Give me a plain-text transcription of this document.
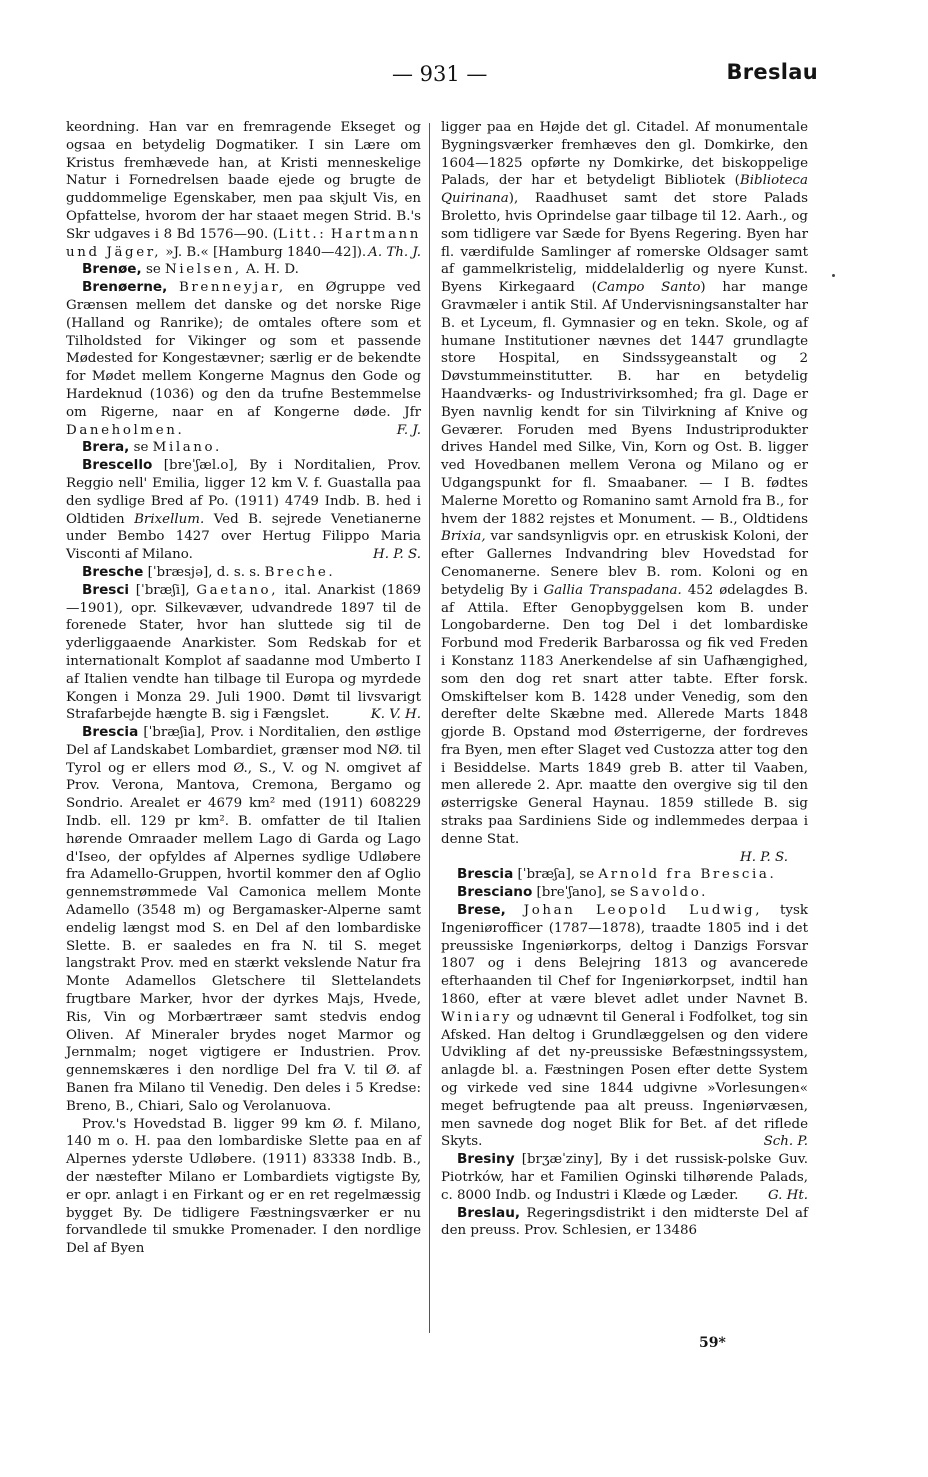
— 931 —	Breslau

keordning. Han var en fremragende Ekseget og ogsaa en betydelig Dogmatiker. I sin Lære om Kristus fremhævede han, at Kristi menneskelige Natur i Fornedrelsen baade ejede og brugte de guddommelige Egenskaber, men paa skjult Vis, en Opfattelse, hvorom der har staaet megen Strid. B.'s Skr udgaves i 8 Bd 1576—90. (Litt.: Hartmann und Jäger, »J. B.« [Hamburg 1840—42]). A. Th. J.

Brenøe, se Nielsen, A. H. D.

Brenøerne, Brenneyjar, en Øgruppe ved Grænsen mellem det danske og det norske Rige (Halland og Ranrike); de omtales oftere som et Tilholdsted for Vikinger og som et passende Mødested for Kongestævner; særlig er de bekendte for Mødet mellem Kongerne Magnus den Gode og Hardeknud (1036) og den da trufne Bestemmelse om Rigerne, naar en af Kongerne døde. Jfr Daneholmen.	F. J.

Brera, se Milano.

Brescello [breˈʃæl.o], By i Norditalien, Prov. Reggio nell' Emilia, ligger 12 km V. f. Guastalla paa den sydlige Bred af Po. (1911) 4749 Indb. B. hed i Oldtiden Brixellum. Ved B. sejrede Venetianerne under Bembo 1427 over Hertug Filippo Maria Visconti af Milano.	H. P. S.

Bresche [ˈbræsjə], d. s. s. Breche.

Bresci [ˈbræʃi], Gaetano, ital. Anarkist (1869—1901), opr. Silkevæver, udvandrede 1897 til de forenede Stater, hvor han sluttede sig til de yderliggaaende Anarkister. Som Redskab for et internationalt Komplot af saadanne mod Umberto I af Italien vendte han tilbage til Europa og myrdede Kongen i Monza 29. Juli 1900. Dømt til livsvarigt Strafarbejde hængte B. sig i Fængslet.	K. V. H.

Brescia [ˈbræʃia], Prov. i Norditalien, den østlige Del af Landskabet Lombardiet, grænser mod NØ. til Tyrol og er ellers mod Ø., S., V. og N. omgivet af Prov. Verona, Mantova, Cremona, Bergamo og Sondrio. Arealet er 4679 km² med (1911) 608229 Indb. ell. 129 pr km². B. omfatter de til Italien hørende Omraader mellem Lago di Garda og Lago d'Iseo, der opfyldes af Alpernes sydlige Udløbere fra Adamello-Gruppen, hvortil kommer den af Oglio gennemstrømmede Val Camonica mellem Monte Adamello (3548 m) og Bergamasker-Alperne samt endelig længst mod S. en Del af den lombardiske Slette. B. er saaledes en fra N. til S. meget langstrakt Prov. med en stærkt vekslende Natur fra Monte Adamellos Gletschere til Slettelandets frugtbare Marker, hvor der dyrkes Majs, Hvede, Ris, Vin og Morbærtræer samt stedvis endog Oliven. Af Mineraler brydes noget Marmor og Jernmalm; noget vigtigere er Industrien. Prov. gennemskæres i den nordlige Del fra V. til Ø. af Banen fra Milano til Venedig. Den deles i 5 Kredse: Breno, B., Chiari, Salo og Verolanuova.

Prov.'s Hovedstad B. ligger 99 km Ø. f. Milano, 140 m o. H. paa den lombardiske Slette paa en af Alpernes yderste Udløbere. (1911) 83338 Indb. B., der næstefter Milano er Lombardiets vigtigste By, er opr. anlagt i en Firkant og er en ret regelmæssig bygget By. De tidligere Fæstningsværker er nu forvandlede til smukke Promenader. I den nordlige Del af Byen

ligger paa en Højde det gl. Citadel. Af monumentale Bygningsværker fremhæves den gl. Domkirke, den 1604—1825 opførte ny Domkirke, det biskoppelige Palads, der har et betydeligt Bibliotek (Biblioteca Quirinana), Raadhuset samt det store Palads Broletto, hvis Oprindelse gaar tilbage til 12. Aarh., og som tidligere var Sæde for Byens Regering. Byen har fl. værdifulde Samlinger af romerske Oldsager samt af gammelkristelig, middelalderlig og nyere Kunst. Byens Kirkegaard (Campo Santo) har mange Gravmæler i antik Stil. Af Undervisningsanstalter har B. et Lyceum, fl. Gymnasier og en tekn. Skole, og af humane Institutioner nævnes det 1447 grundlagte store Hospital, en Sindssygeanstalt og 2 Døvstummeinstitutter. B. har en betydelig Haandværks- og Industrivirksomhed; fra gl. Dage er Byen navnlig kendt for sin Tilvirkning af Knive og Geværer. Foruden med Byens Industriprodukter drives Handel med Silke, Vin, Korn og Ost. B. ligger ved Hovedbanen mellem Verona og Milano og er Udgangspunkt for fl. Smaabaner. — I B. fødtes Malerne Moretto og Romanino samt Arnold fra B., for hvem der 1882 rejstes et Monument. — B., Oldtidens Brixia, var sandsynligvis opr. en etruskisk Koloni, der efter Gallernes Indvandring blev Hovedstad for Cenomanerne. Senere blev B. rom. Koloni og en betydelig By i Gallia Transpadana. 452 ødelagdes B. af Attila. Efter Genopbyggelsen kom B. under Longobarderne. Den tog Del i det lombardiske Forbund mod Frederik Barbarossa og fik ved Freden i Konstanz 1183 Anerkendelse af sin Uafhængighed, som den dog ret snart atter tabte. Efter forsk. Omskiftelser kom B. 1428 under Venedig, som den derefter delte Skæbne med. Allerede Marts 1848 gjorde B. Opstand mod Østerrigerne, der fordreves fra Byen, men efter Slaget ved Custozza atter tog den i Besiddelse. Marts 1849 greb B. atter til Vaaben, men allerede 2. Apr. maatte den overgive sig til den østerrigske General Haynau. 1859 stillede B. sig straks paa Sardiniens Side og indlemmedes derpaa i denne Stat.

H. P. S.

Brescia [ˈbræʃa], se Arnold fra Brescia.

Bresciano [breˈʃano], se Savoldo.

Brese, Johan Leopold Ludwig, tysk Ingeniørofficer (1787—1878), traadte 1805 ind i det preussiske Ingeniørkorps, deltog i Danzigs Forsvar 1807 og i dens Belejring 1813 og avancerede efterhaanden til Chef for Ingeniørkorpset, indtil han 1860, efter at være blevet adlet under Navnet B. Winiary og udnævnt til General i Fodfolket, tog sin Afsked. Han deltog i Grundlæggelsen og den videre Udvikling af det ny-preussiske Befæstningssystem, anlagde bl. a. Fæstningen Posen efter dette System og virkede ved sine 1844 udgivne »Vorlesungen« meget befrugtende paa alt preuss. Ingeniørvæsen, men savnede dog noget Blik for Bet. af det riflede Skyts.	Sch. P.

Bresiny [brʒæˈziny], By i det russisk-polske Guv. Piotrków, har et Familien Oginski tilhørende Palads, c. 8000 Indb. og Industri i Klæde og Læder.	G. Ht.

Breslau, Regeringsdistrikt i den midterste Del af den preuss. Prov. Schlesien, er 13486

59*
